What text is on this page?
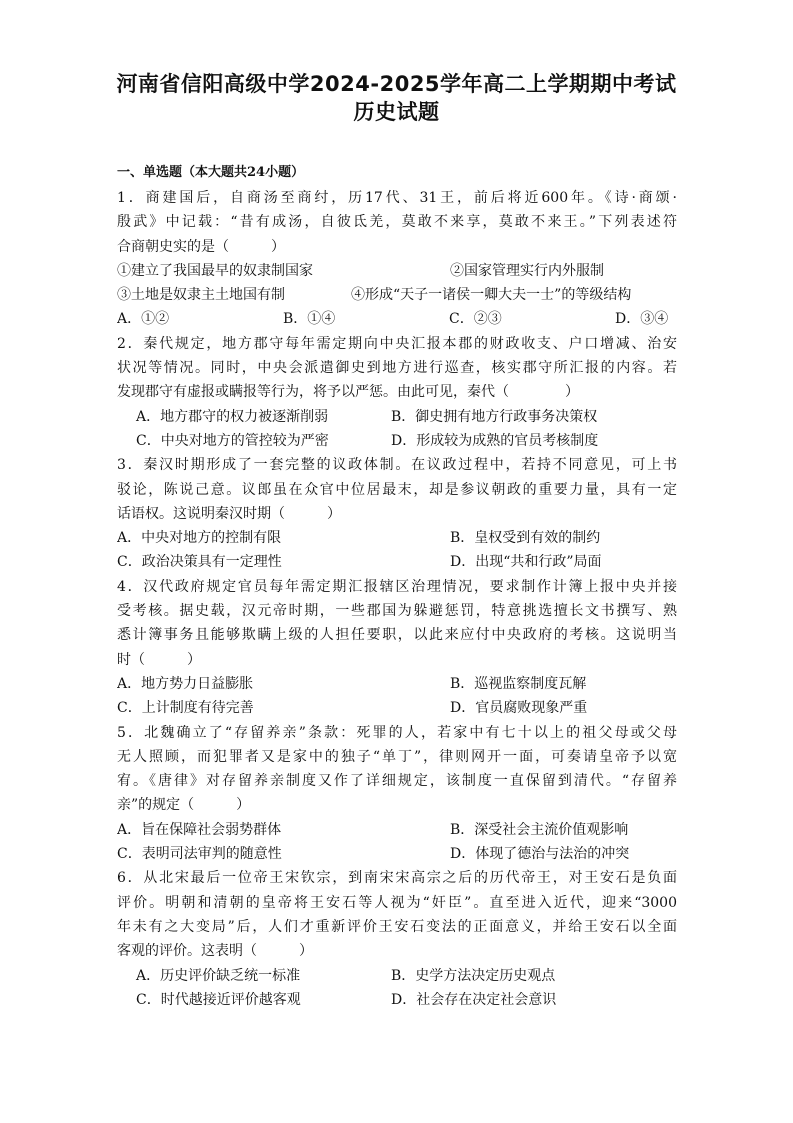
河南省信阳高级中学2024-2025学年高二上学期期中考试
历史试题
一、单选题（本大题共24小题）
1．商建国后，自商汤至商纣，历17代、31王，前后将近600年。《诗·商颂·
殷武》中记载：“昔有成汤，自彼氐羌，莫敢不来享，莫敢不来王。”下列表述符
合商朝史实的是（　　　）
①建立了我国最早的奴隶制国家	②国家管理实行内外服制
③土地是奴隶主土地国有制	④形成“天子一诸侯一卿大夫一士”的等级结构
A．①②	B．①④	C．②③	D．③④
2．秦代规定，地方郡守每年需定期向中央汇报本郡的财政收支、户口增减、治安
状况等情况。同时，中央会派遣御史到地方进行巡查，核实郡守所汇报的内容。若
发现郡守有虚报或瞒报等行为，将予以严惩。由此可见，秦代（　　　　）
A．地方郡守的权力被逐渐削弱	B．御史拥有地方行政事务决策权
C．中央对地方的管控较为严密	D．形成较为成熟的官员考核制度
3．秦汉时期形成了一套完整的议政体制。在议政过程中，若持不同意见，可上书
驳论，陈说己意。议郎虽在众官中位居最末，却是参议朝政的重要力量，具有一定
话语权。这说明秦汉时期（　　　）
A．中央对地方的控制有限	B．皇权受到有效的制约
C．政治决策具有一定理性	D．出现“共和行政”局面
4．汉代政府规定官员每年需定期汇报辖区治理情况，要求制作计簿上报中央并接
受考核。据史载，汉元帝时期，一些郡国为躲避惩罚，特意挑选擅长文书撰写、熟
悉计簿事务且能够欺瞒上级的人担任要职，以此来应付中央政府的考核。这说明当
时（　　　）
A．地方势力日益膨胀	B．巡视监察制度瓦解
C．上计制度有待完善	D．官员腐败现象严重
5．北魏确立了“存留养亲”条款：死罪的人，若家中有七十以上的祖父母或父母
无人照顾，而犯罪者又是家中的独子“单丁”，律则网开一面，可奏请皇帝予以宽
宥。《唐律》对存留养亲制度又作了详细规定，该制度一直保留到清代。“存留养
亲”的规定（　　　）
A．旨在保障社会弱势群体	B．深受社会主流价值观影响
C．表明司法审判的随意性	D．体现了德治与法治的冲突
6．从北宋最后一位帝王宋钦宗，到南宋宋高宗之后的历代帝王，对王安石是负面
评价。明朝和清朝的皇帝将王安石等人视为“奸臣”。直至进入近代，迎来“3000
年未有之大变局”后，人们才重新评价王安石变法的正面意义，并给王安石以全面
客观的评价。这表明（　　　）
A．历史评价缺乏统一标准	B．史学方法决定历史观点
C．时代越接近评价越客观	D．社会存在决定社会意识
